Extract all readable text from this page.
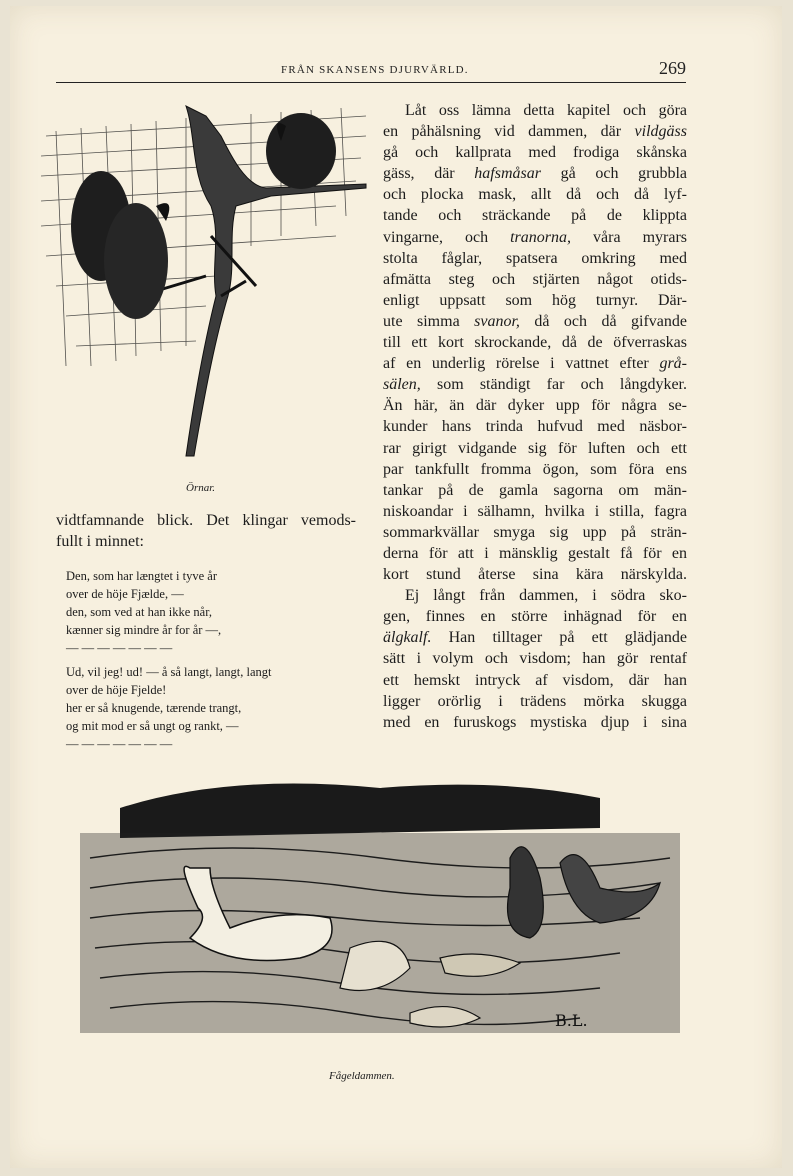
FRÅN SKANSENS DJURVÄRLD.	269
Örnar.

vidtfamnande blick. Det klingar vemods-

fullt i minnet:

Den, som har længtet i tyve år
over de höje Fjælde, —
den, som ved at han ikke når,
kænner sig mindre år for år —,
— — — — — — —
Ud, vil jeg! ud! — å så langt, langt, langt
over de höje Fjelde!
her er så knugende, tærende trangt,
og mit mod er så ungt og rankt, —
— — — — — — —
Låt oss lämna detta kapitel och göra
en påhälsning vid dammen, där vildgäss
gå och kallprata med frodiga skånska
gäss, där hafsmåsar gå och grubbla
och plocka mask, allt då och då lyf-
tande och sträckande på de klippta
vingarne, och tranorna, våra myrars
stolta fåglar, spatsera omkring med
afmätta steg och stjärten något otids-
enligt uppsatt som hög turnyr. Där-
ute simma svanor, då och då gifvande
till ett kort skrockande, då de öfverraskas
af en underlig rörelse i vattnet efter grå-
sälen, som ständigt far och långdyker.
Än här, än där dyker upp för några se-
kunder hans trinda hufvud med näsbor-
rar girigt vidgande sig för luften och ett
par tankfullt fromma ögon, som föra ens
tankar på de gamla sagorna om män-
niskoandar i sälhamn, hvilka i stilla, fagra
sommarkvällar smyga sig upp på strän-
derna för att i mänsklig gestalt få för en
kort stund återse sina kära närskylda.
Ej långt från dammen, i södra sko-
gen, finnes en större inhägnad för en
älgkalf. Han tilltager på ett glädjande
sätt i volym och visdom; han gör rentaf
ett hemskt intryck af visdom, där han
ligger orörlig i trädens mörka skugga
med en furuskogs mystiska djup i sina
B.L.
Fågeldammen.
